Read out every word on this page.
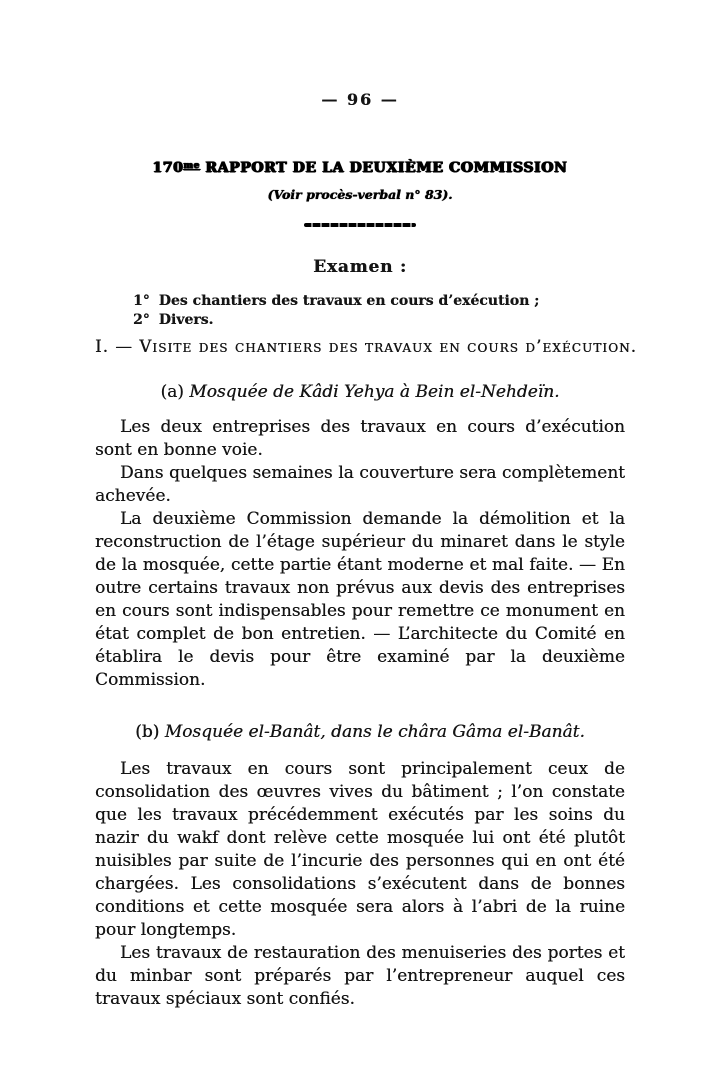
— 96 —
$170^{me}$ RAPPORT DE LA DEUXIÈME COMMISSION
(Voir procès-verbal n° 83).
Examen :
1° Des chantiers des travaux en cours d’exécution ;
2° Divers.
I. — Visite des chantiers des travaux en cours d’exécution.
(a) Mosquée de Kâdi Yehya à Bein el-Nehdeïn.

Les deux entreprises des travaux en cours d’exécution sont en bonne voie.

Dans quelques semaines la couverture sera complètement achevée.

La deuxième Commission demande la démolition et la reconstruction de l’étage supérieur du minaret dans le style de la mosquée, cette partie étant moderne et mal faite. — En outre certains travaux non prévus aux devis des entreprises en cours sont indispensables pour remettre ce monument en état complet de bon entretien. — L’architecte du Comité en établira le devis pour être examiné par la deuxième Commission.

(b) Mosquée el-Banât, dans le châra Gâma el-Banât.

Les travaux en cours sont principalement ceux de consolidation des œuvres vives du bâtiment ; l’on constate que les travaux précédemment exécutés par les soins du nazir du wakf dont relève cette mosquée lui ont été plutôt nuisibles par suite de l’incurie des personnes qui en ont été chargées. Les consolidations s’exécutent dans de bonnes conditions et cette mosquée sera alors à l’abri de la ruine pour longtemps.

Les travaux de restauration des menuiseries des portes et du minbar sont préparés par l’entrepreneur auquel ces travaux spéciaux sont confiés.
